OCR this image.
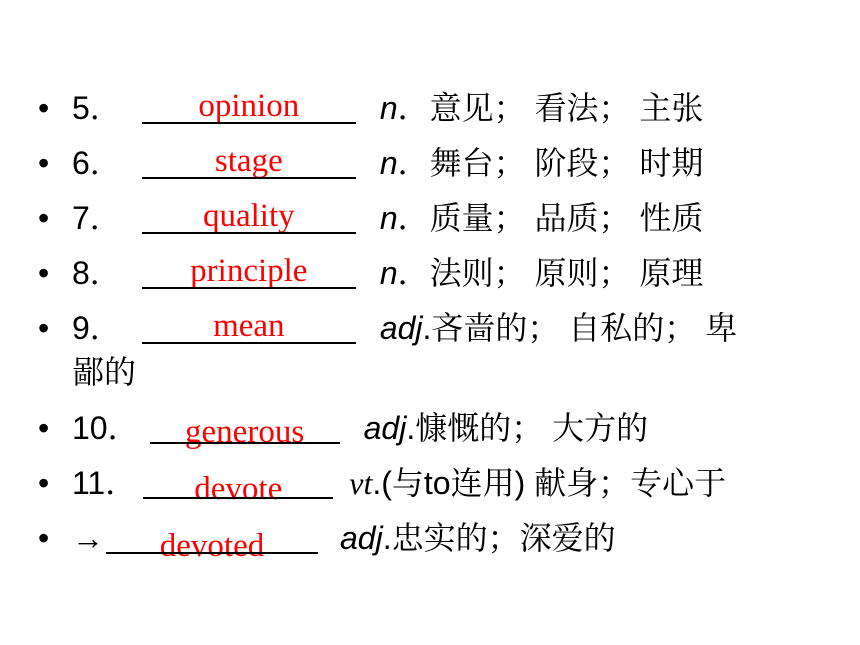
• 5．	opinion	n．意见； 看法； 主张
• 6．	stage	n．舞台； 阶段； 时期
• 7．	quality	n．质量； 品质； 性质
• 8．	principle	n．法则； 原则； 原理
• 9．	mean	adj.吝啬的； 自私的； 卑
鄙的
• 10．	generous	adj.慷慨的； 大方的
• 11．	devote	vt.(与to连用) 献身；专心于
• →	devoted	adj.忠实的；深爱的
